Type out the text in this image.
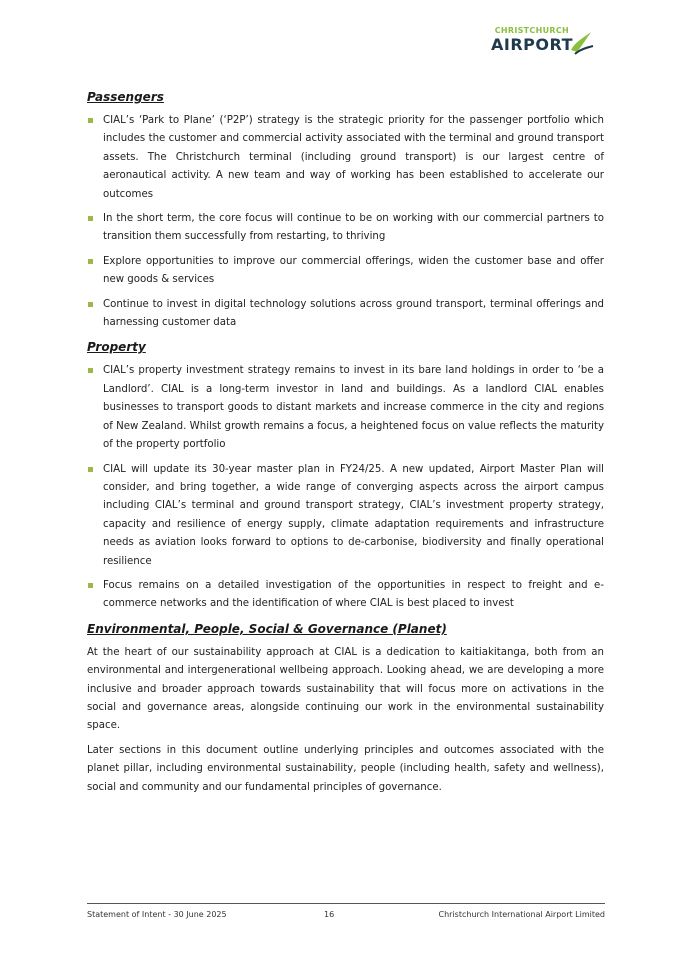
CHRISTCHURCH
AIRPORT
Passengers
CIAL’s ‘Park to Plane’ (‘P2P’) strategy is the strategic priority for the passenger portfolio which includes the customer and commercial activity associated with the terminal and ground transport assets. The Christchurch terminal (including ground transport) is our largest centre of aeronautical activity. A new team and way of working has been established to accelerate our outcomes
In the short term, the core focus will continue to be on working with our commercial partners to transition them successfully from restarting, to thriving
Explore opportunities to improve our commercial offerings, widen the customer base and offer new goods & services
Continue to invest in digital technology solutions across ground transport, terminal offerings and harnessing customer data
Property
CIAL’s property investment strategy remains to invest in its bare land holdings in order to ‘be a Landlord’. CIAL is a long-term investor in land and buildings. As a landlord CIAL enables businesses to transport goods to distant markets and increase commerce in the city and regions of New Zealand. Whilst growth remains a focus, a heightened focus on value reflects the maturity of the property portfolio
CIAL will update its 30-year master plan in FY24/25. A new updated, Airport Master Plan will consider, and bring together, a wide range of converging aspects across the airport campus including CIAL’s terminal and ground transport strategy, CIAL’s investment property strategy, capacity and resilience of energy supply, climate adaptation requirements and infrastructure needs as aviation looks forward to options to de-carbonise, biodiversity and finally operational resilience
Focus remains on a detailed investigation of the opportunities in respect to freight and e-commerce networks and the identification of where CIAL is best placed to invest
Environmental, People, Social & Governance (Planet)

At the heart of our sustainability approach at CIAL is a dedication to kaitiakitanga, both from an environmental and intergenerational wellbeing approach. Looking ahead, we are developing a more inclusive and broader approach towards sustainability that will focus more on activations in the social and governance areas, alongside continuing our work in the environmental sustainability space.

Later sections in this document outline underlying principles and outcomes associated with the planet pillar, including environmental sustainability, people (including health, safety and wellness), social and community and our fundamental principles of governance.

Statement of Intent - 30 June 2025	16	Christchurch International Airport Limited
